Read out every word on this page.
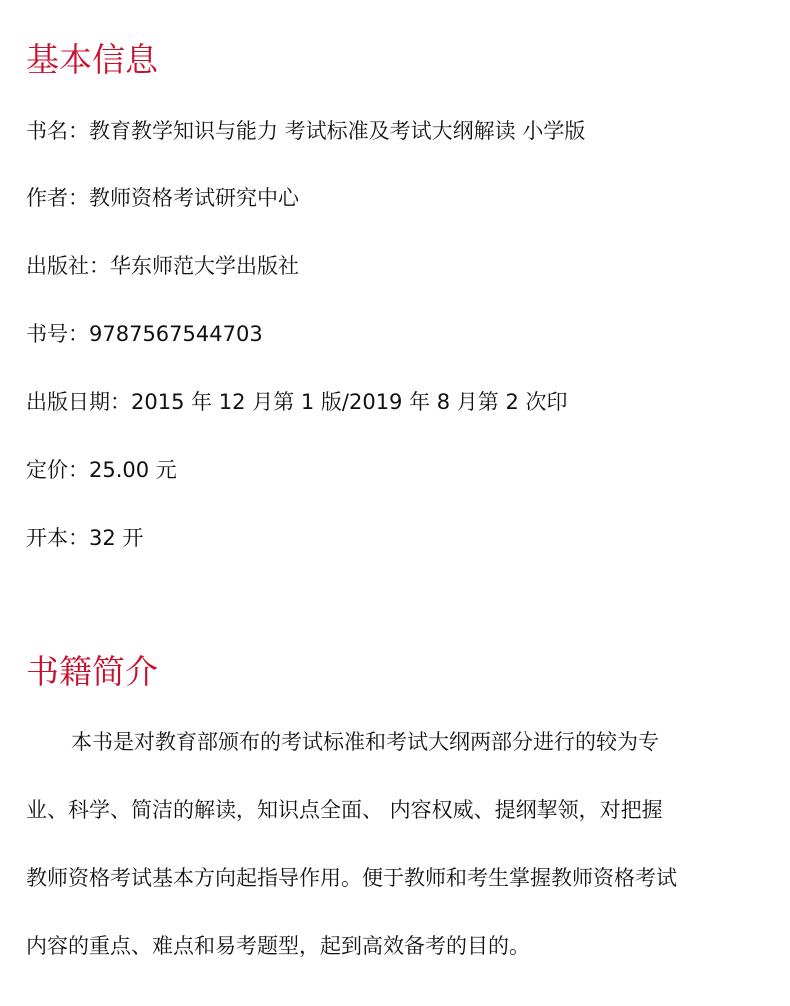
基本信息
书名：教育教学知识与能力 考试标准及考试大纲解读 小学版
作者：教师资格考试研究中心
出版社：华东师范大学出版社
书号：9787567544703
出版日期：2015 年 12 月第 1 版/2019 年 8 月第 2 次印
定价：25.00 元
开本：32 开
书籍简介
本书是对教育部颁布的考试标准和考试大纲两部分进行的较为专
业、科学、简洁的解读，知识点全面、 内容权威、提纲挈领，对把握
教师资格考试基本方向起指导作用。便于教师和考生掌握教师资格考试
内容的重点、难点和易考题型，起到高效备考的目的。
